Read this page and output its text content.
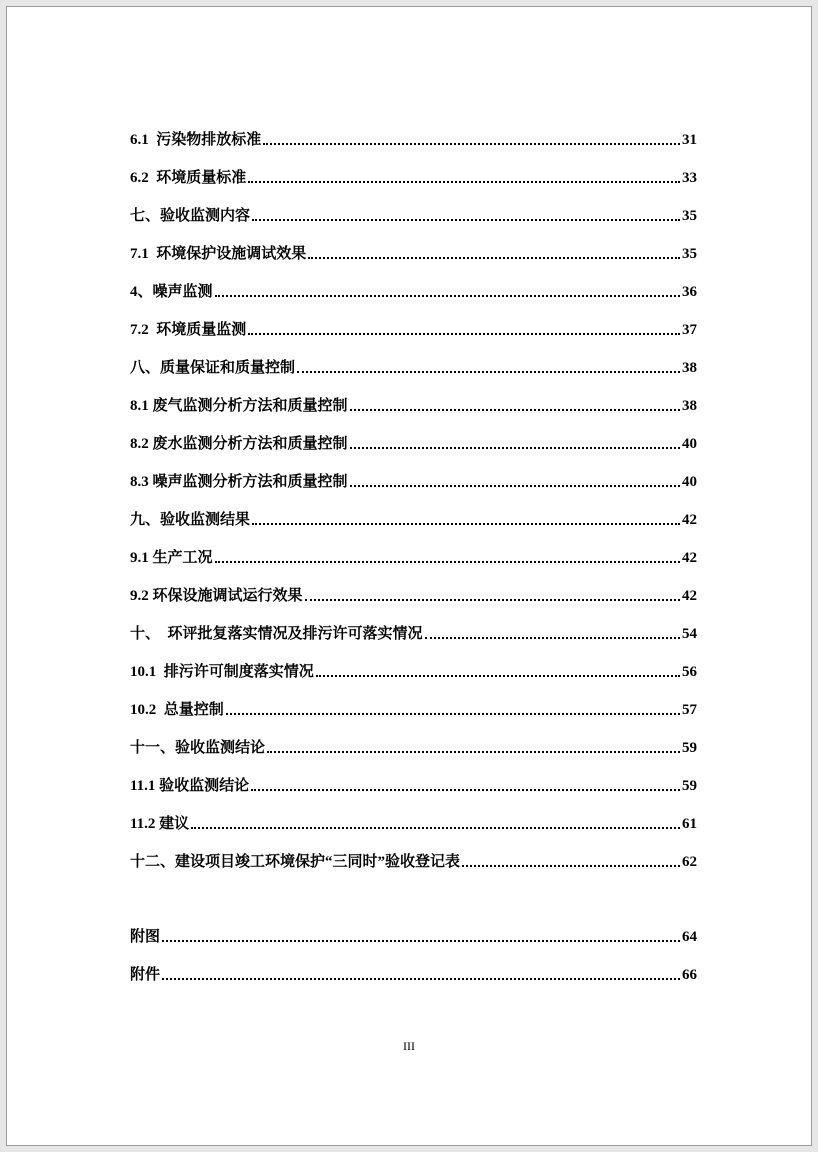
6.1  污染物排放标准	31
6.2  环境质量标准	33
七、验收监测内容	35
7.1  环境保护设施调试效果	35
4、噪声监测	36
7.2  环境质量监测	37
八、质量保证和质量控制	38
8.1 废气监测分析方法和质量控制	38
8.2 废水监测分析方法和质量控制	40
8.3 噪声监测分析方法和质量控制	40
九、验收监测结果	42
9.1 生产工况	42
9.2 环保设施调试运行效果	42
十、  环评批复落实情况及排污许可落实情况	54
10.1  排污许可制度落实情况	56
10.2  总量控制	57
十一、验收监测结论	59
11.1 验收监测结论	59
11.2 建议	61
十二、建设项目竣工环境保护“三同时”验收登记表	62
附图	64
附件	66
III
